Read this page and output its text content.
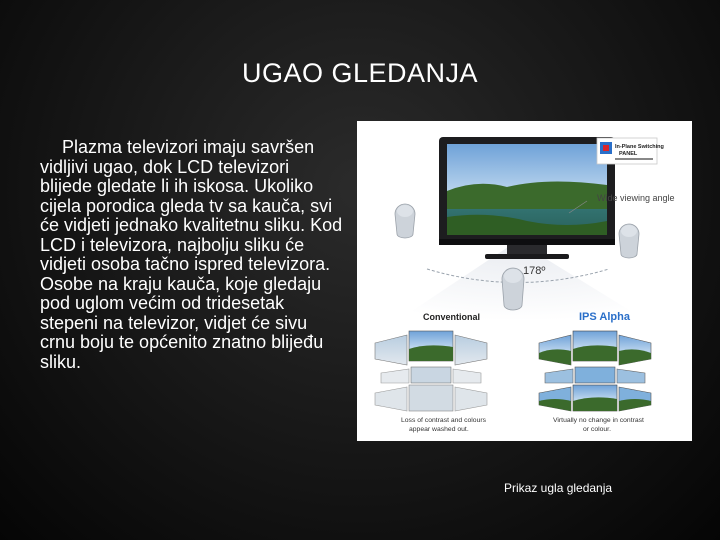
UGAO GLEDANJA
Plazma televizori imaju savršen vidljivi ugao, dok LCD televizori blijede gledate li ih iskosa. Ukoliko cijela porodica gleda tv sa kauča, svi će vidjeti jednako kvalitetnu sliku. Kod LCD i televizora, najbolju sliku će vidjeti osoba tačno ispred televizora. Osobe na kraju kauča, koje gledaju pod uglom većim od tridesetak stepeni na televizor, vidjet će sivu crnu boju te općenito znatno blijeđu sliku.
In-Plane Switching
PANEL
Wide viewing angle
178º
Conventional	IPS Alpha
Loss of contrast and colours
appear washed out.
Virtually no change in contrast
or colour.
Prikaz ugla gledanja
